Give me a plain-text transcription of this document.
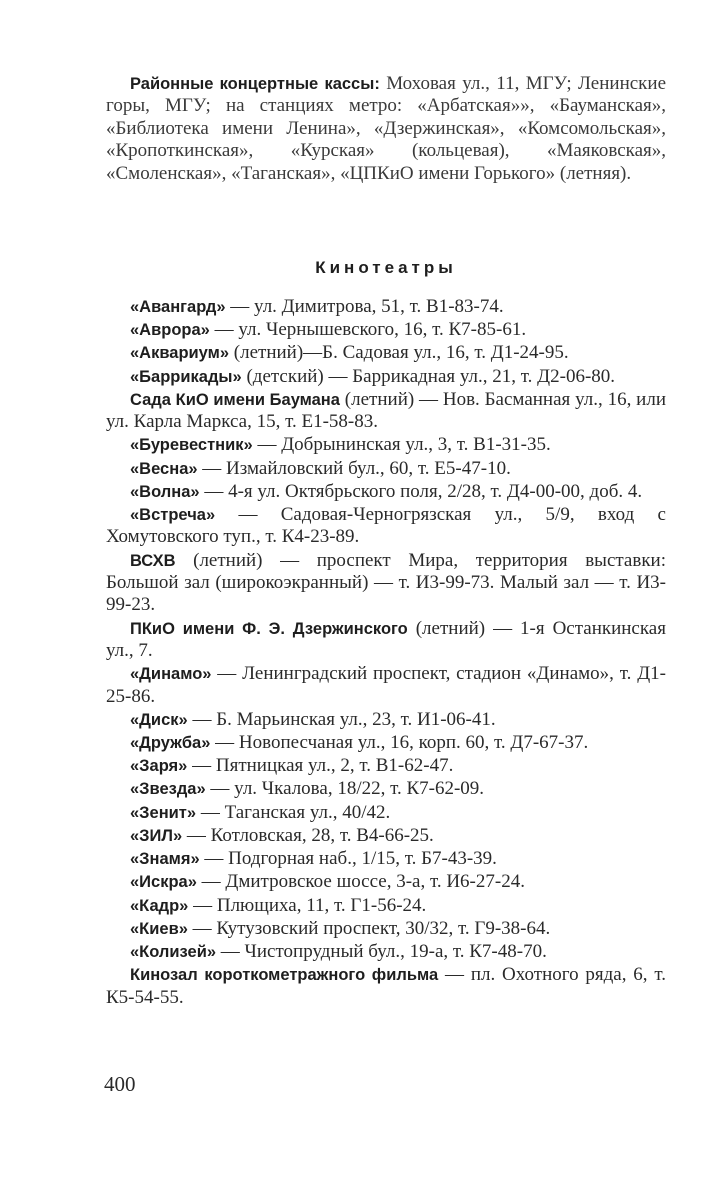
Районные концертные кассы: Моховая ул., 11, МГУ; Ленинские горы, МГУ; на станциях метро: «Арбатская»», «Бауманская», «Библиотека имени Ленина», «Дзержинская», «Комсомольская», «Кропоткинская», «Курская» (кольцевая), «Маяковская», «Смоленская», «Таганская», «ЦПКиО имени Горького» (летняя).

Кинотеатры

«Авангард» — ул. Димитрова, 51, т. В1-83-74.

«Аврора» — ул. Чернышевского, 16, т. К7-85-61.

«Аквариум» (летний)—Б. Садовая ул., 16, т. Д1-24-95.

«Баррикады» (детский) — Баррикадная ул., 21, т. Д2-06-80.

Сада КиО имени Баумана (летний) — Нов. Басманная ул., 16, или ул. Карла Маркса, 15, т. Е1-58-83.

«Буревестник» — Добрынинская ул., 3, т. В1-31-35.

«Весна» — Измайловский бул., 60, т. Е5-47-10.

«Волна» — 4-я ул. Октябрьского поля, 2/28, т. Д4-00-00, доб. 4.

«Встреча» — Садовая-Черногрязская ул., 5/9, вход с Хомутовского туп., т. К4-23-89.

ВСХВ (летний) — проспект Мира, территория выставки: Большой зал (широкоэкранный) — т. И3-99-73. Малый зал — т. И3-99-23.

ПКиО имени Ф. Э. Дзержинского (летний) — 1-я Останкинская ул., 7.

«Динамо» — Ленинградский проспект, стадион «Динамо», т. Д1-25-86.

«Диск» — Б. Марьинская ул., 23, т. И1-06-41.

«Дружба» — Новопесчаная ул., 16, корп. 60, т. Д7-67-37.

«Заря» — Пятницкая ул., 2, т. В1-62-47.

«Звезда» — ул. Чкалова, 18/22, т. К7-62-09.

«Зенит» — Таганская ул., 40/42.

«ЗИЛ» — Котловская, 28, т. В4-66-25.

«Знамя» — Подгорная наб., 1/15, т. Б7-43-39.

«Искра» — Дмитровское шоссе, 3-а, т. И6-27-24.

«Кадр» — Плющиха, 11, т. Г1-56-24.

«Киев» — Кутузовский проспект, 30/32, т. Г9-38-64.

«Колизей» — Чистопрудный бул., 19-а, т. К7-48-70.

Кинозал короткометражного фильма — пл. Охотного ряда, 6, т. К5-54-55.

400
